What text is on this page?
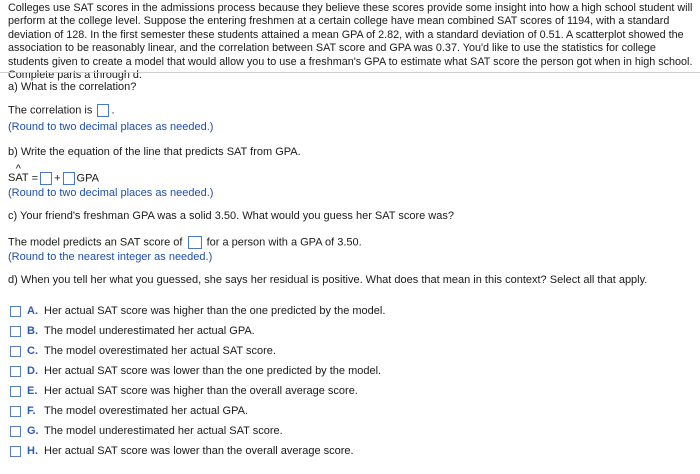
Colleges use SAT scores in the admissions process because they believe these scores provide some insight into how a high school student will perform at the college level. Suppose the entering freshmen at a certain college have mean combined SAT scores of 1194, with a standard deviation of 128. In the first semester these students attained a mean GPA of 2.82, with a standard deviation of 0.51. A scatterplot showed the association to be reasonably linear, and the correlation between SAT score and GPA was 0.37. You'd like to use the statistics for college students given to create a model that would allow you to use a freshman's GPA to estimate what SAT score the person got when in high school. Complete parts a through d.
a) What is the correlation?
The correlation is .
(Round to two decimal places as needed.)
b) Write the equation of the line that predicts SAT from GPA.
^
SAT = + GPA
(Round to two decimal places as needed.)
c) Your friend's freshman GPA was a solid 3.50. What would you guess her SAT score was?
The model predicts an SAT score of for a person with a GPA of 3.50.
(Round to the nearest integer as needed.)
d) When you tell her what you guessed, she says her residual is positive. What does that mean in this context? Select all that apply.
A. Her actual SAT score was higher than the one predicted by the model.
B. The model underestimated her actual GPA.
C. The model overestimated her actual SAT score.
D. Her actual SAT score was lower than the one predicted by the model.
E. Her actual SAT score was higher than the overall average score.
F. The model overestimated her actual GPA.
G. The model underestimated her actual SAT score.
H. Her actual SAT score was lower than the overall average score.
